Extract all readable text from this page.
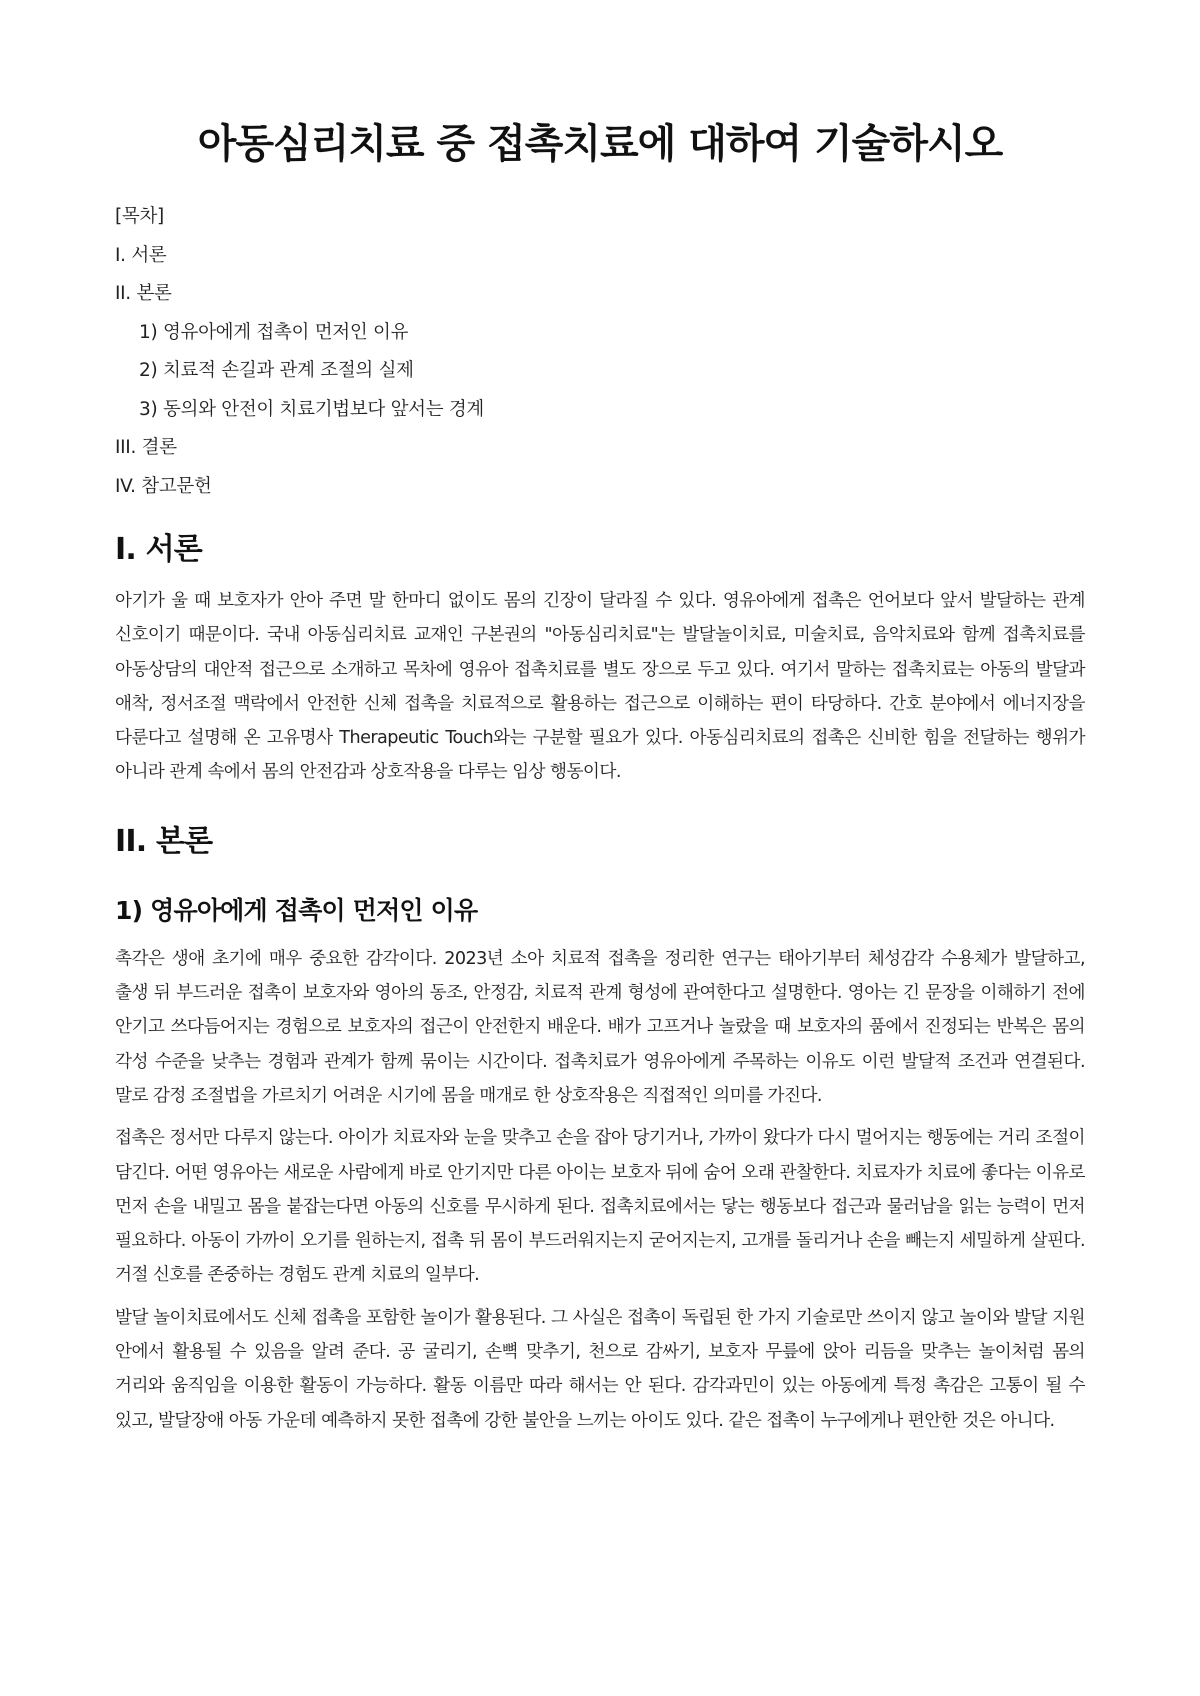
아동심리치료 중 접촉치료에 대하여 기술하시오
[목차]
I. 서론
II. 본론
1) 영유아에게 접촉이 먼저인 이유
2) 치료적 손길과 관계 조절의 실제
3) 동의와 안전이 치료기법보다 앞서는 경계
III. 결론
IV. 참고문헌
I. 서론

아기가 울 때 보호자가 안아 주면 말 한마디 없이도 몸의 긴장이 달라질 수 있다. 영유아에게 접촉은 언어보다 앞서 발달하는 관계 신호이기 때문이다. 국내 아동심리치료 교재인 구본권의 "아동심리치료"는 발달놀이치료, 미술치료, 음악치료와 함께 접촉치료를 아동상담의 대안적 접근으로 소개하고 목차에 영유아 접촉치료를 별도 장으로 두고 있다. 여기서 말하는 접촉치료는 아동의 발달과 애착, 정서조절 맥락에서 안전한 신체 접촉을 치료적으로 활용하는 접근으로 이해하는 편이 타당하다. 간호 분야에서 에너지장을 다룬다고 설명해 온 고유명사 Therapeutic Touch와는 구분할 필요가 있다. 아동심리치료의 접촉은 신비한 힘을 전달하는 행위가 아니라 관계 속에서 몸의 안전감과 상호작용을 다루는 임상 행동이다.

II. 본론
1) 영유아에게 접촉이 먼저인 이유

촉각은 생애 초기에 매우 중요한 감각이다. 2023년 소아 치료적 접촉을 정리한 연구는 태아기부터 체성감각 수용체가 발달하고, 출생 뒤 부드러운 접촉이 보호자와 영아의 동조, 안정감, 치료적 관계 형성에 관여한다고 설명한다. 영아는 긴 문장을 이해하기 전에 안기고 쓰다듬어지는 경험으로 보호자의 접근이 안전한지 배운다. 배가 고프거나 놀랐을 때 보호자의 품에서 진정되는 반복은 몸의 각성 수준을 낮추는 경험과 관계가 함께 묶이는 시간이다. 접촉치료가 영유아에게 주목하는 이유도 이런 발달적 조건과 연결된다. 말로 감정 조절법을 가르치기 어려운 시기에 몸을 매개로 한 상호작용은 직접적인 의미를 가진다.

접촉은 정서만 다루지 않는다. 아이가 치료자와 눈을 맞추고 손을 잡아 당기거나, 가까이 왔다가 다시 멀어지는 행동에는 거리 조절이 담긴다. 어떤 영유아는 새로운 사람에게 바로 안기지만 다른 아이는 보호자 뒤에 숨어 오래 관찰한다. 치료자가 치료에 좋다는 이유로 먼저 손을 내밀고 몸을 붙잡는다면 아동의 신호를 무시하게 된다. 접촉치료에서는 닿는 행동보다 접근과 물러남을 읽는 능력이 먼저 필요하다. 아동이 가까이 오기를 원하는지, 접촉 뒤 몸이 부드러워지는지 굳어지는지, 고개를 돌리거나 손을 빼는지 세밀하게 살핀다. 거절 신호를 존중하는 경험도 관계 치료의 일부다.

발달 놀이치료에서도 신체 접촉을 포함한 놀이가 활용된다. 그 사실은 접촉이 독립된 한 가지 기술로만 쓰이지 않고 놀이와 발달 지원 안에서 활용될 수 있음을 알려 준다. 공 굴리기, 손뼉 맞추기, 천으로 감싸기, 보호자 무릎에 앉아 리듬을 맞추는 놀이처럼 몸의 거리와 움직임을 이용한 활동이 가능하다. 활동 이름만 따라 해서는 안 된다. 감각과민이 있는 아동에게 특정 촉감은 고통이 될 수 있고, 발달장애 아동 가운데 예측하지 못한 접촉에 강한 불안을 느끼는 아이도 있다. 같은 접촉이 누구에게나 편안한 것은 아니다.
